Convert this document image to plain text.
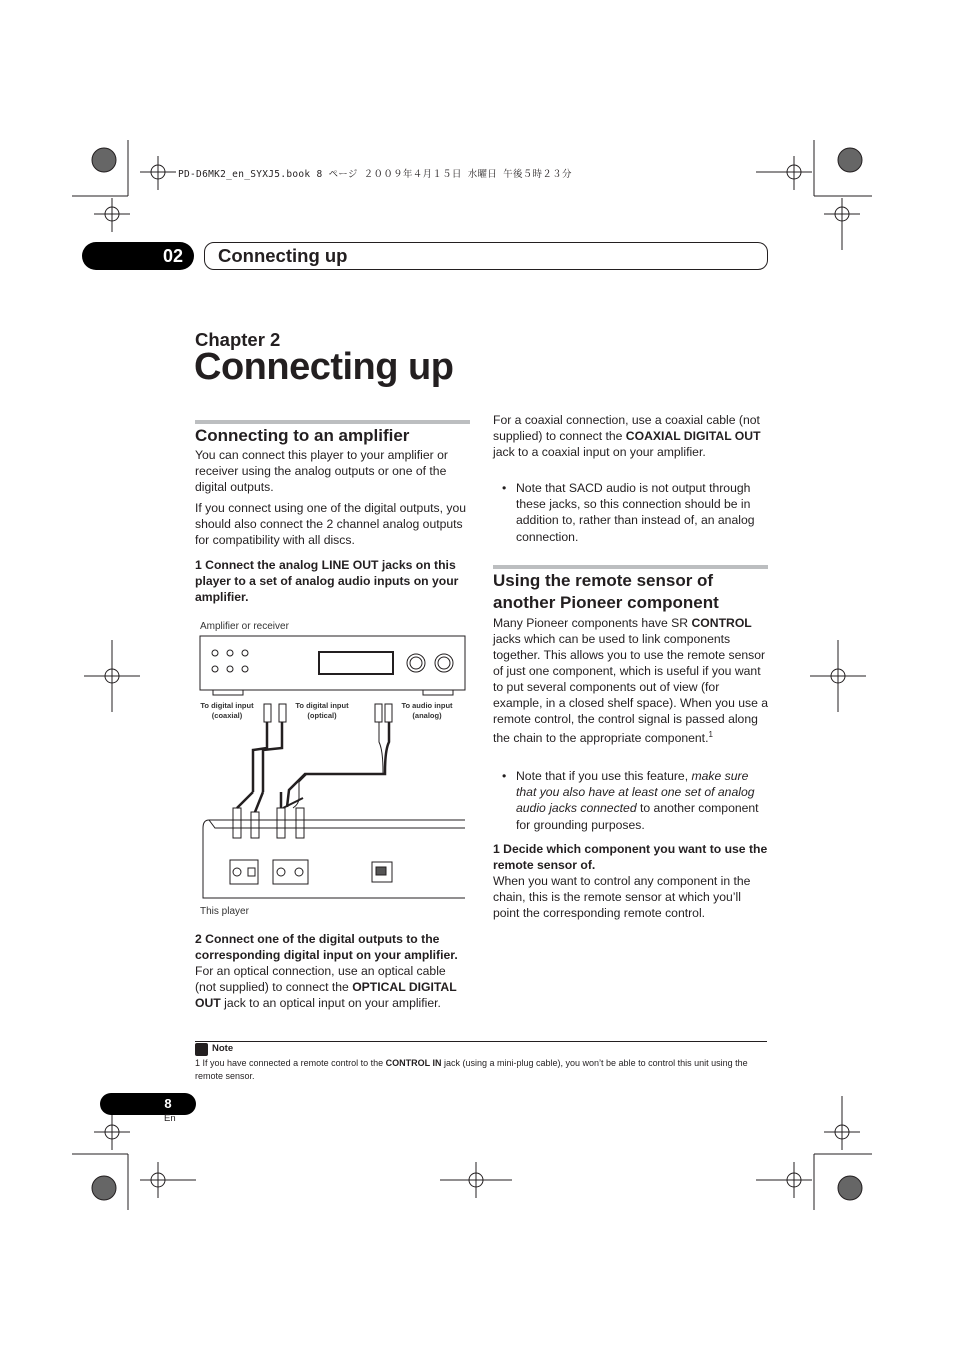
PD-D6MK2_en_SYXJ5.book 8 ページ ２００９年４月１５日 水曜日 午後５時２３分
02	Connecting up
Chapter 2
Connecting up
Connecting to an amplifier
You can connect this player to your amplifier or receiver using the analog outputs or one of the digital outputs.
If you connect using one of the digital outputs, you should also connect the 2 channel analog outputs for compatibility with all discs.
1 Connect the analog LINE OUT jacks on this player to a set of analog audio inputs on your amplifier.
Amplifier or receiver
To digital input
(coaxial)
To digital input
(optical)
To audio input
(analog)
This player
2 Connect one of the digital outputs to the corresponding digital input on your amplifier.
For an optical connection, use an optical cable (not supplied) to connect the OPTICAL DIGITAL OUT jack to an optical input on your amplifier.
For a coaxial connection, use a coaxial cable (not supplied) to connect the COAXIAL DIGITAL OUT jack to a coaxial input on your amplifier.
• Note that SACD audio is not output through these jacks, so this connection should be in addition to, rather than instead of, an analog connection.
Using the remote sensor of another Pioneer component
Many Pioneer components have SR CONTROL jacks which can be used to link components together. This allows you to use the remote sensor of just one component, which is useful if you want to put several components out of view (for example, in a closed shelf space). When you use a remote control, the control signal is passed along the chain to the appropriate component.$^1$
• Note that if you use this feature, make sure that you also have at least one set of analog audio jacks connected to another component for grounding purposes.
1 Decide which component you want to use the remote sensor of.
When you want to control any component in the chain, this is the remote sensor at which you’ll point the corresponding remote control.
Note
1 If you have connected a remote control to the CONTROL IN jack (using a mini-plug cable), you won’t be able to control this unit using the remote sensor.
8
En
